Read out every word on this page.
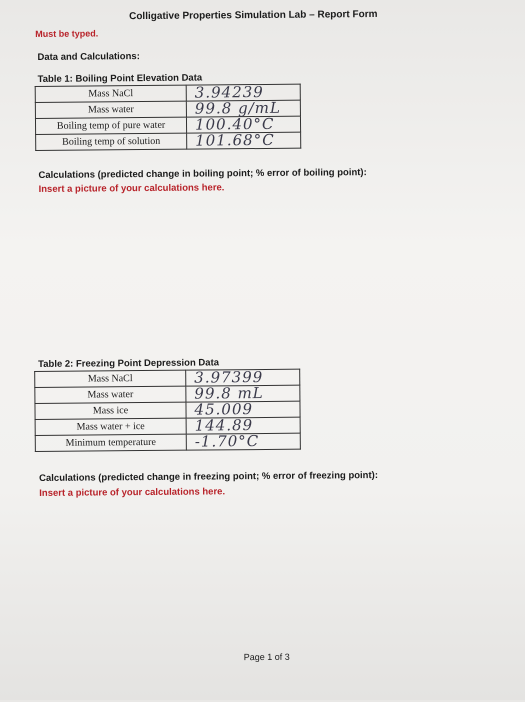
Colligative Properties Simulation Lab – Report Form
Must be typed.
Data and Calculations:
Table 1: Boiling Point Elevation Data
Mass NaCl	3.94239
Mass water	99.8 g/mL
Boiling temp of pure water	100.40°C
Boiling temp of solution	101.68°C
Calculations (predicted change in boiling point; % error of boiling point):
Insert a picture of your calculations here.
Table 2: Freezing Point Depression Data
Mass NaCl	3.97399
Mass water	99.8 mL
Mass ice	45.009
Mass water + ice	144.89
Minimum temperature	-1.70°C
Calculations (predicted change in freezing point; % error of freezing point):
Insert a picture of your calculations here.
Page 1 of 3
